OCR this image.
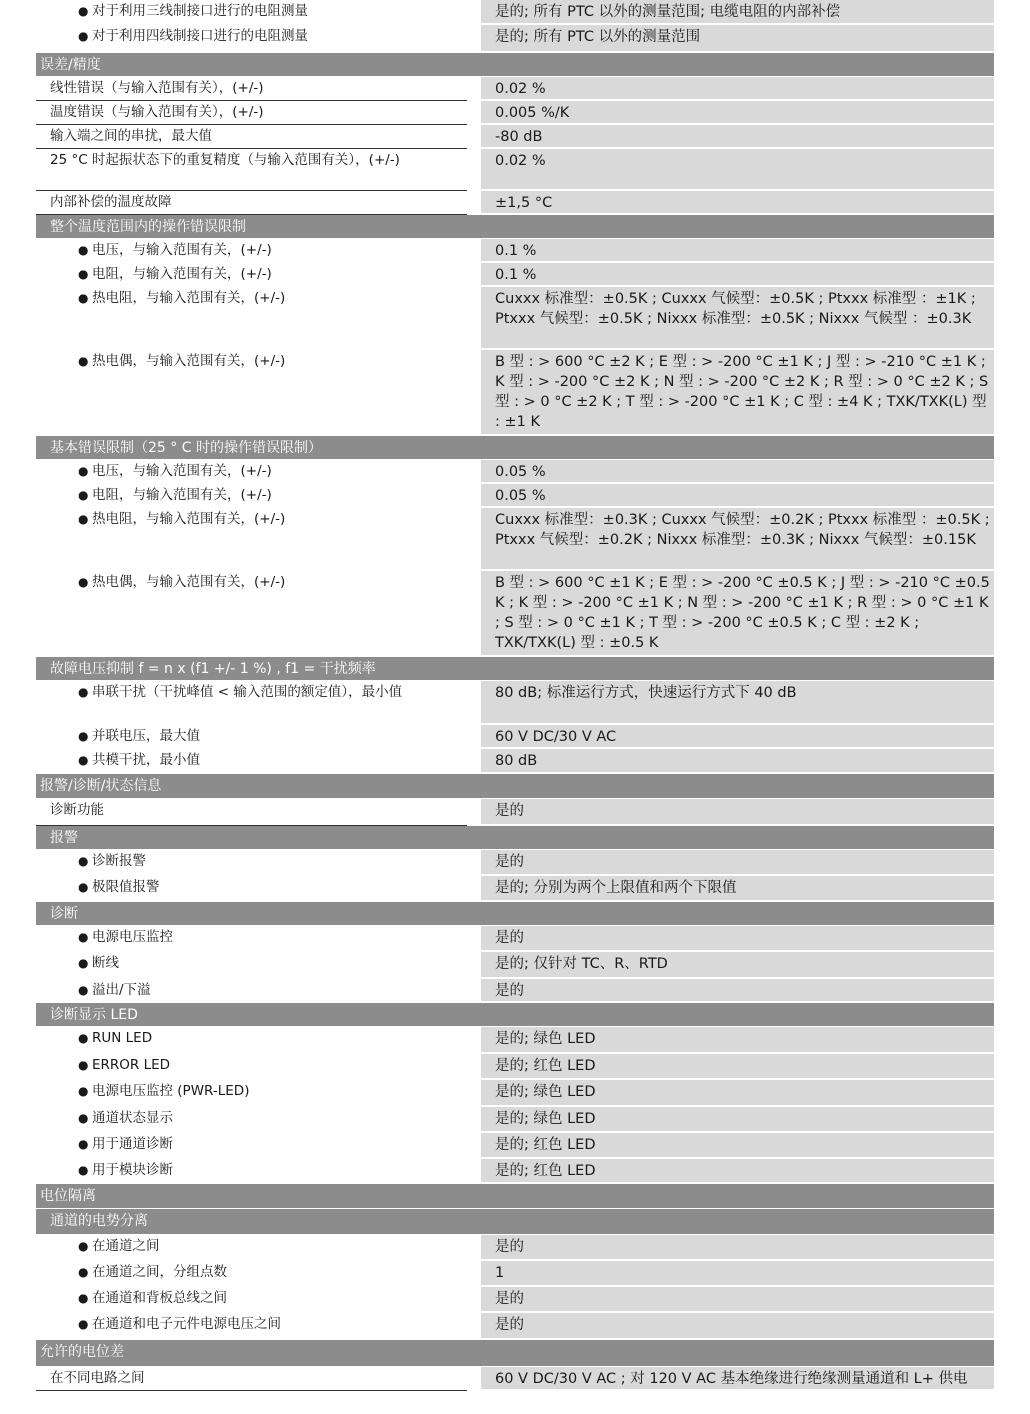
● 对于利用三线制接口进行的电阻测量	是的; 所有 PTC 以外的测量范围; 电缆电阻的内部补偿
● 对于利用四线制接口进行的电阻测量	是的; 所有 PTC 以外的测量范围
误差/精度
线性错误（与输入范围有关），(+/-)	0.02 %
温度错误（与输入范围有关），(+/-)	0.005 %/K
输入端之间的串扰，最大值	-80 dB
25 °C 时起振状态下的重复精度（与输入范围有关），(+/-)	0.02 %
内部补偿的温度故障	±1,5 °C
整个温度范围内的操作错误限制
● 电压，与输入范围有关，(+/-)	0.1 %
● 电阻，与输入范围有关，(+/-)	0.1 %
● 热电阻，与输入范围有关，(+/-)	Cuxxx 标准型：±0.5K ; Cuxxx 气候型：±0.5K ; Ptxxx 标准型 ：±1K ; Ptxxx 气候型：±0.5K ; Nixxx 标准型：±0.5K ; Nixxx 气候型 ：±0.3K
● 热电偶，与输入范围有关，(+/-)	B 型 : > 600 °C ±2 K ; E 型 : > -200 °C ±1 K ; J 型 : > -210 °C ±1 K ; K 型 : > -200 °C ±2 K ; N 型 : > -200 °C ±2 K ; R 型 : > 0 °C ±2 K ; S 型 : > 0 °C ±2 K ; T 型 : > -200 °C ±1 K ; C 型 : ±4 K ; TXK/TXK(L) 型 : ±1 K
基本错误限制（25 ° C 时的操作错误限制）
● 电压，与输入范围有关，(+/-)	0.05 %
● 电阻，与输入范围有关，(+/-)	0.05 %
● 热电阻，与输入范围有关，(+/-)	Cuxxx 标准型：±0.3K ; Cuxxx 气候型：±0.2K ; Ptxxx 标准型 ：±0.5K ; Ptxxx 气候型：±0.2K ; Nixxx 标准型：±0.3K ; Nixxx 气候型：±0.15K
● 热电偶，与输入范围有关，(+/-)	B 型 : > 600 °C ±1 K ; E 型 : > -200 °C ±0.5 K ; J 型 : > -210 °C ±0.5 K ; K 型 : > -200 °C ±1 K ; N 型 : > -200 °C ±1 K ; R 型 : > 0 °C ±1 K ; S 型 : > 0 °C ±1 K ; T 型 : > -200 °C ±0.5 K ; C 型 : ±2 K ; TXK/TXK(L) 型 : ±0.5 K
故障电压抑制 f = n x (f1 +/- 1 %) , f1 = 干扰频率
● 串联干扰（干扰峰值 < 输入范围的额定值），最小值	80 dB; 标准运行方式，快速运行方式下 40 dB
● 并联电压，最大值	60 V DC/30 V AC
● 共模干扰，最小值	80 dB
报警/诊断/状态信息
诊断功能	是的
报警
● 诊断报警	是的
● 极限值报警	是的; 分别为两个上限值和两个下限值
诊断
● 电源电压监控	是的
● 断线	是的; 仅针对 TC、R、RTD
● 溢出/下溢	是的
诊断显示 LED
● RUN LED	是的; 绿色 LED
● ERROR LED	是的; 红色 LED
● 电源电压监控 (PWR-LED)	是的; 绿色 LED
● 通道状态显示	是的; 绿色 LED
● 用于通道诊断	是的; 红色 LED
● 用于模块诊断	是的; 红色 LED
电位隔离
通道的电势分离
● 在通道之间	是的
● 在通道之间，分组点数	1
● 在通道和背板总线之间	是的
● 在通道和电子元件电源电压之间	是的
允许的电位差
在不同电路之间	60 V DC/30 V AC ; 对 120 V AC 基本绝缘进行绝缘测量通道和 L+ 供电
